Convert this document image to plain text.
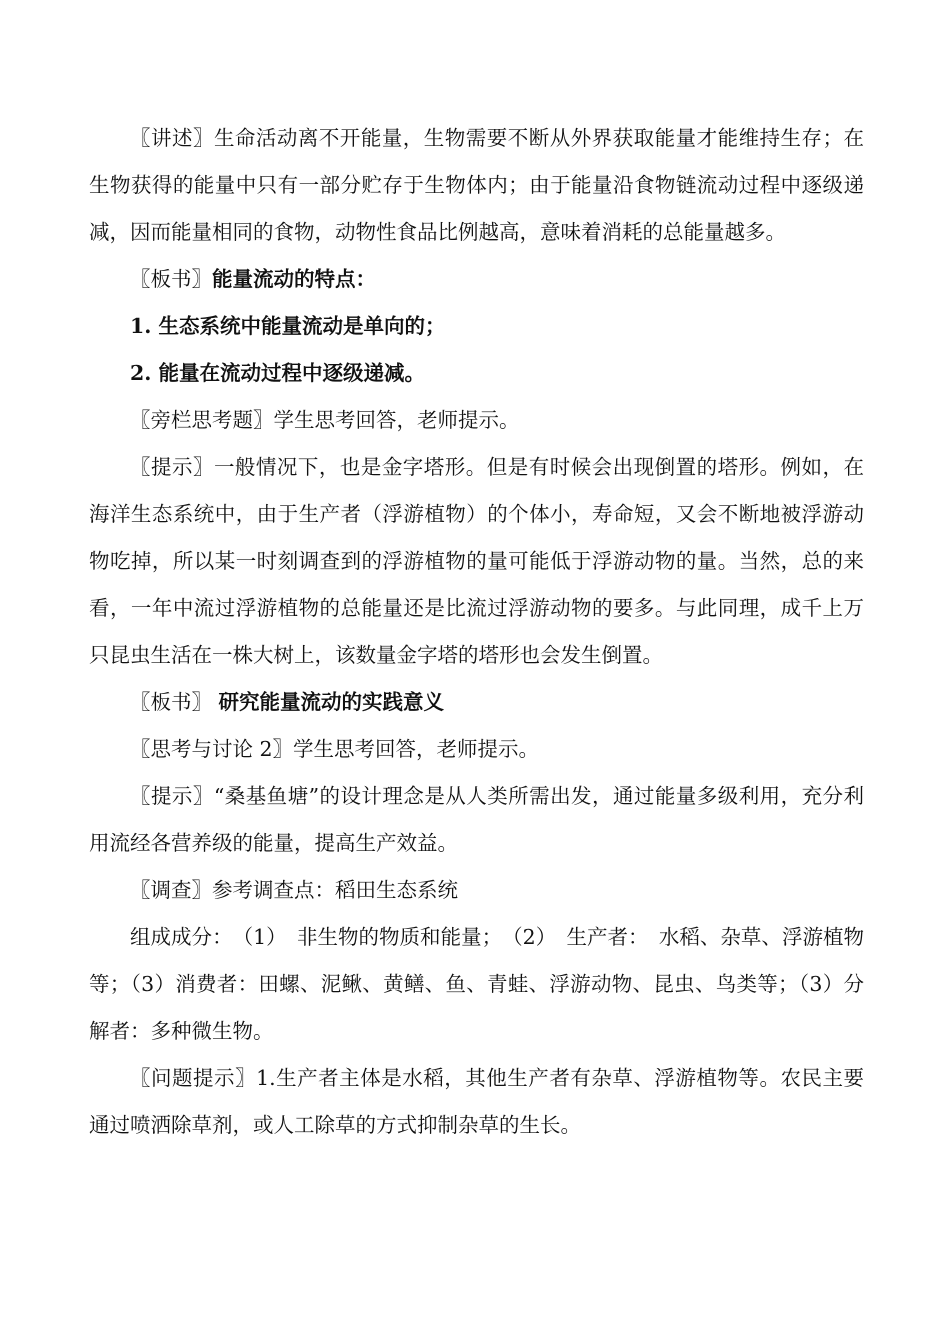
〖讲述〗生命活动离不开能量，生物需要不断从外界获取能量才能维持生存；在生物获得的能量中只有一部分贮存于生物体内；由于能量沿食物链流动过程中逐级递减，因而能量相同的食物，动物性食品比例越高，意味着消耗的总能量越多。

〖板书〗能量流动的特点：

1. 生态系统中能量流动是单向的；

2. 能量在流动过程中逐级递减。

〖旁栏思考题〗学生思考回答，老师提示。

〖提示〗一般情况下，也是金字塔形。但是有时候会出现倒置的塔形。例如，在海洋生态系统中，由于生产者（浮游植物）的个体小，寿命短，又会不断地被浮游动物吃掉，所以某一时刻调查到的浮游植物的量可能低于浮游动物的量。当然，总的来看，一年中流过浮游植物的总能量还是比流过浮游动物的要多。与此同理，成千上万只昆虫生活在一株大树上，该数量金字塔的塔形也会发生倒置。

〖板书〗 研究能量流动的实践意义

〖思考与讨论 2〗学生思考回答，老师提示。

〖提示〗“桑基鱼塘”的设计理念是从人类所需出发，通过能量多级利用，充分利用流经各营养级的能量，提高生产效益。

〖调查〗参考调查点：稻田生态系统

组成成分：　（1）　非生物的物质和能量；　（2）　生产者：　水稻、杂草、浮游植物等；（3）消费者：田螺、泥鳅、黄鳝、鱼、青蛙、浮游动物、昆虫、鸟类等；（3）分解者：多种微生物。

〖问题提示〗1.生产者主体是水稻，其他生产者有杂草、浮游植物等。农民主要通过喷洒除草剂，或人工除草的方式抑制杂草的生长。
